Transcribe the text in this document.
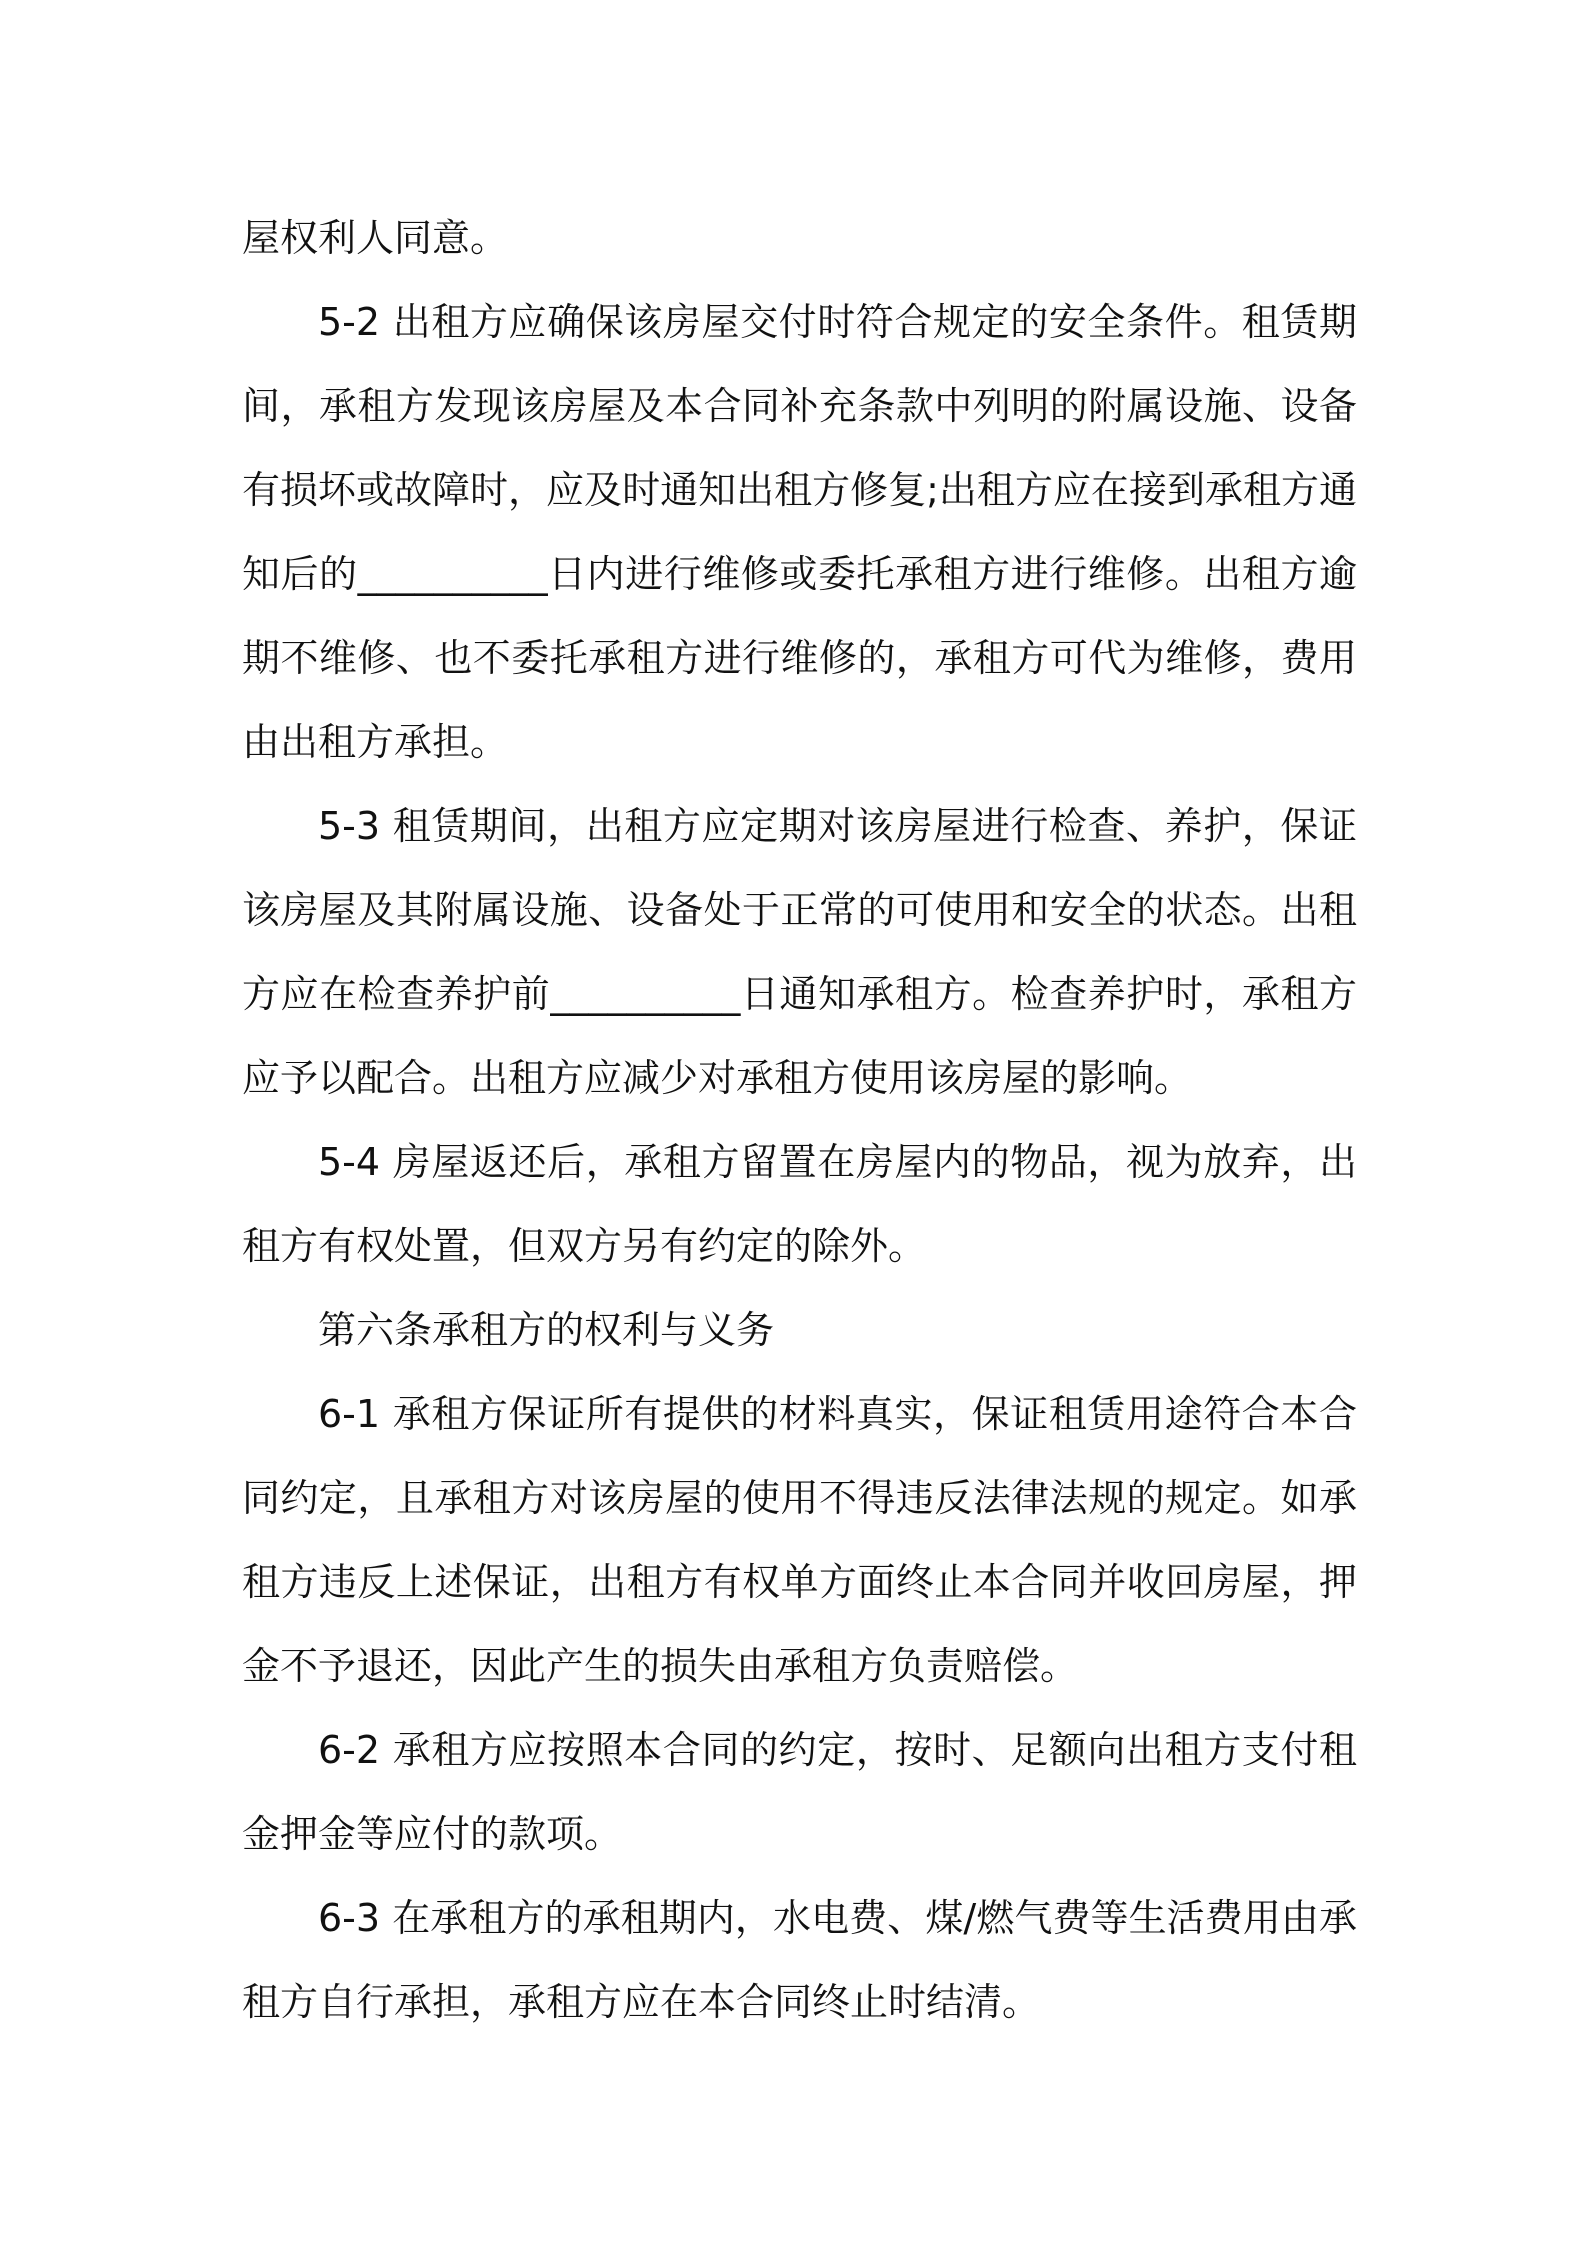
屋权利人同意。

5-2 出租方应确保该房屋交付时符合规定的安全条件。租赁期间，承租方发现该房屋及本合同补充条款中列明的附属设施、设备有损坏或故障时，应及时通知出租方修复;出租方应在接到承租方通知后的__________日内进行维修或委托承租方进行维修。出租方逾期不维修、也不委托承租方进行维修的，承租方可代为维修，费用由出租方承担。

5-3 租赁期间，出租方应定期对该房屋进行检查、养护，保证该房屋及其附属设施、设备处于正常的可使用和安全的状态。出租方应在检查养护前__________日通知承租方。检查养护时，承租方应予以配合。出租方应减少对承租方使用该房屋的影响。

5-4 房屋返还后，承租方留置在房屋内的物品，视为放弃，出租方有权处置，但双方另有约定的除外。

第六条承租方的权利与义务

6-1 承租方保证所有提供的材料真实，保证租赁用途符合本合同约定，且承租方对该房屋的使用不得违反法律法规的规定。如承租方违反上述保证，出租方有权单方面终止本合同并收回房屋，押金不予退还，因此产生的损失由承租方负责赔偿。

6-2 承租方应按照本合同的约定，按时、足额向出租方支付租金押金等应付的款项。

6-3 在承租方的承租期内，水电费、煤/燃气费等生活费用由承租方自行承担，承租方应在本合同终止时结清。
